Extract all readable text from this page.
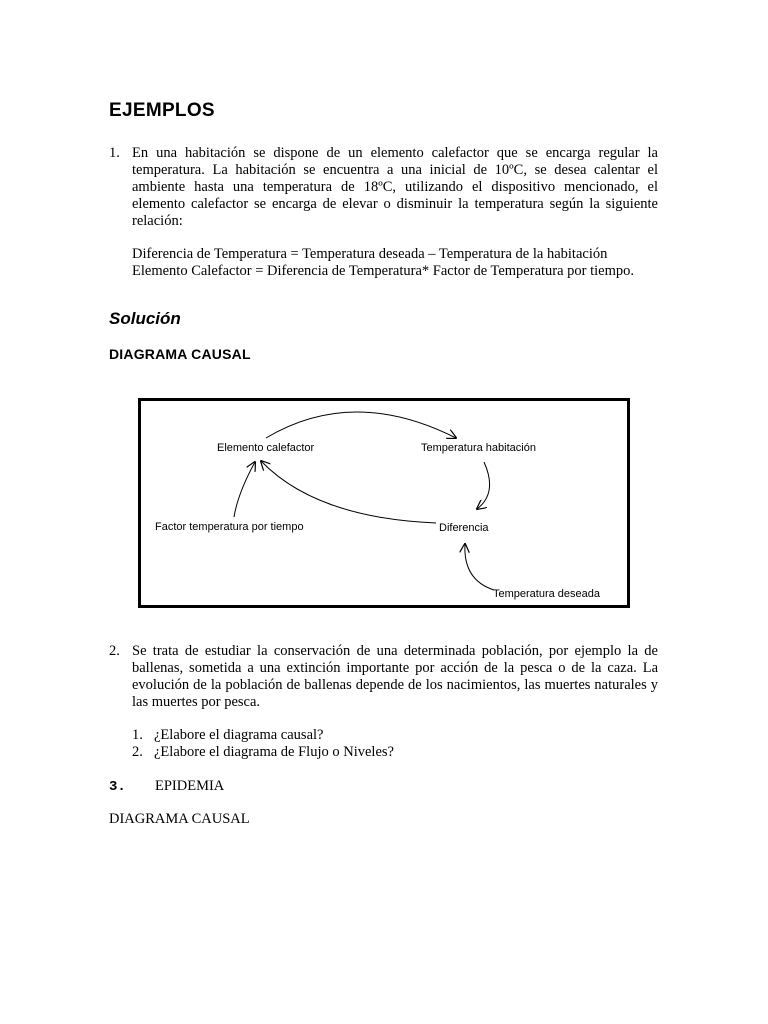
EJEMPLOS
1. En una habitación se dispone de un elemento calefactor que se encarga regular la temperatura. La habitación se encuentra a una inicial de 10ºC, se desea calentar el ambiente hasta una temperatura de 18ºC, utilizando el dispositivo mencionado, el elemento calefactor se encarga de elevar o disminuir la temperatura según la siguiente relación:
Diferencia de Temperatura = Temperatura deseada – Temperatura de la habitación
Elemento Calefactor = Diferencia de Temperatura* Factor de Temperatura por tiempo.
Solución
DIAGRAMA CAUSAL
Elemento calefactor	Temperatura habitación
Factor temperatura por tiempo	Diferencia
Temperatura deseada
2. Se trata de estudiar la conservación de una determinada población, por ejemplo la de ballenas, sometida a una extinción importante por acción de la pesca o de la caza. La evolución de la población de ballenas depende de los nacimientos, las muertes naturales y las muertes por pesca.
1. ¿Elabore el diagrama causal?
2. ¿Elabore el diagrama de Flujo o Niveles?
3. EPIDEMIA
DIAGRAMA CAUSAL
